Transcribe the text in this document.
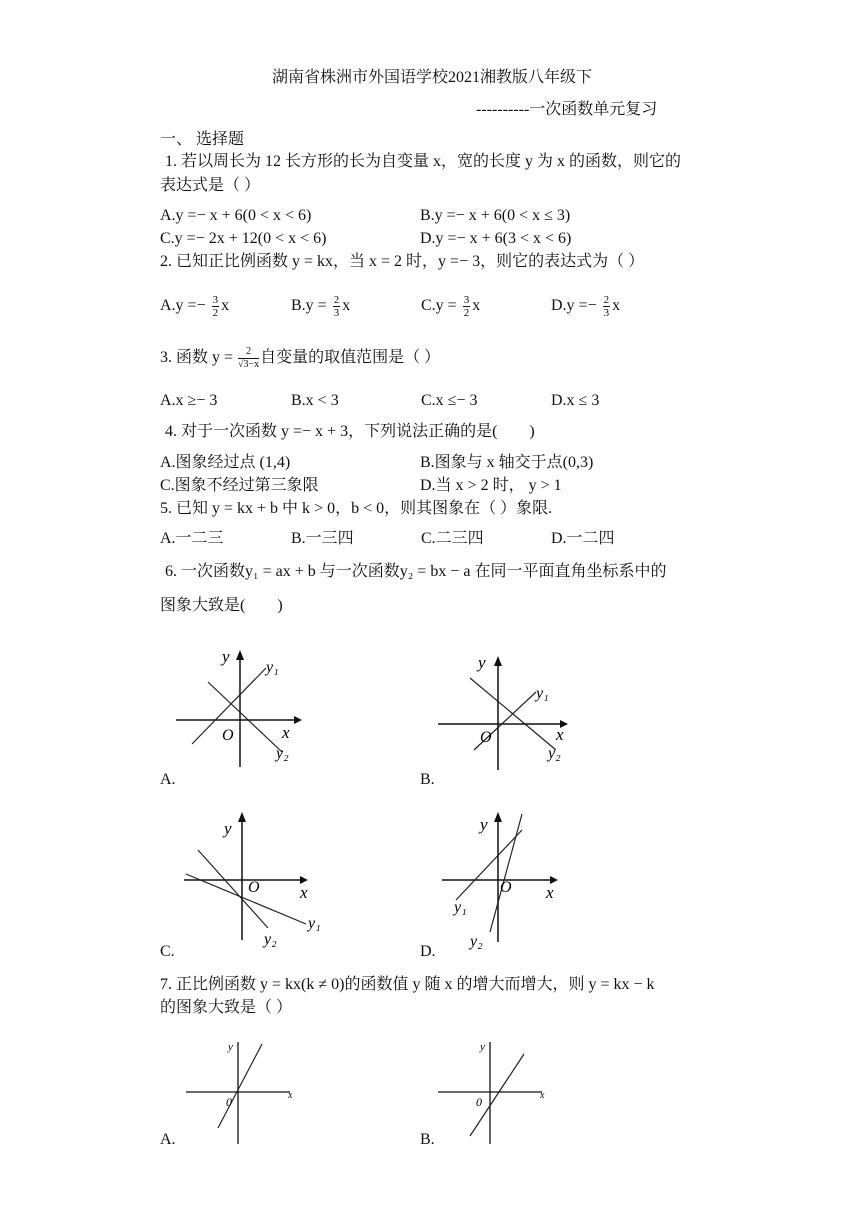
湖南省株洲市外国语学校2021湘教版八年级下
----------一次函数单元复习
一、 选择题
1. 若以周长为 12 长方形的长为自变量 x，宽的长度 y 为 x 的函数，则它的
表达式是（ ）
A.y =− x + 6(0 < x < 6)	B.y =− x + 6(0 < x ≤ 3)
C.y =− 2x + 12(0 < x < 6)	D.y =− x + 6(3 < x < 6)
2. 已知正比例函数 y = kx，当 x = 2 时，y =− 3，则它的表达式为（ ）
$A.y =- \frac{3}{2}$ x	$B.y = \frac{2}{3}$ x	$C.y = \frac{3}{2}$ x	$D.y =- \frac{2}{3}$ x
3. 函数 $y = \frac{2}{√3-x}$ 自变量的取值范围是（ ）
A.x ≥− 3	B.x < 3	C.x ≤− 3	D.x ≤ 3
4. 对于一次函数 y =− x + 3，下列说法正确的是(　　)
A.图象经过点 (1,4)	B.图象与 x 轴交于点(0,3)
C.图象不经过第三象限	D.当 x > 2 时， y > 1
5. 已知 y = kx + b 中 k > 0，b < 0，则其图象在（ ）象限.
A.一二三	B.一三四	C.二三四	D.一二四
6. 一次函数y₁ = ax + b 与一次函数y₂ = bx − a 在同一平面直角坐标系中的
图象大致是(　　)
y
x
O
y₁
y₂
A.
y
x
O
y₁
y₂
B.
y
x
O
y₁
y₂
C.
y
x
O
y₁
y₂
D.
7. 正比例函数 y = kx(k ≠ 0)的函数值 y 随 x 的增大而增大，则 y = kx − k
的图象大致是（ ）
y
x
0
A.
y
x
0
B.
